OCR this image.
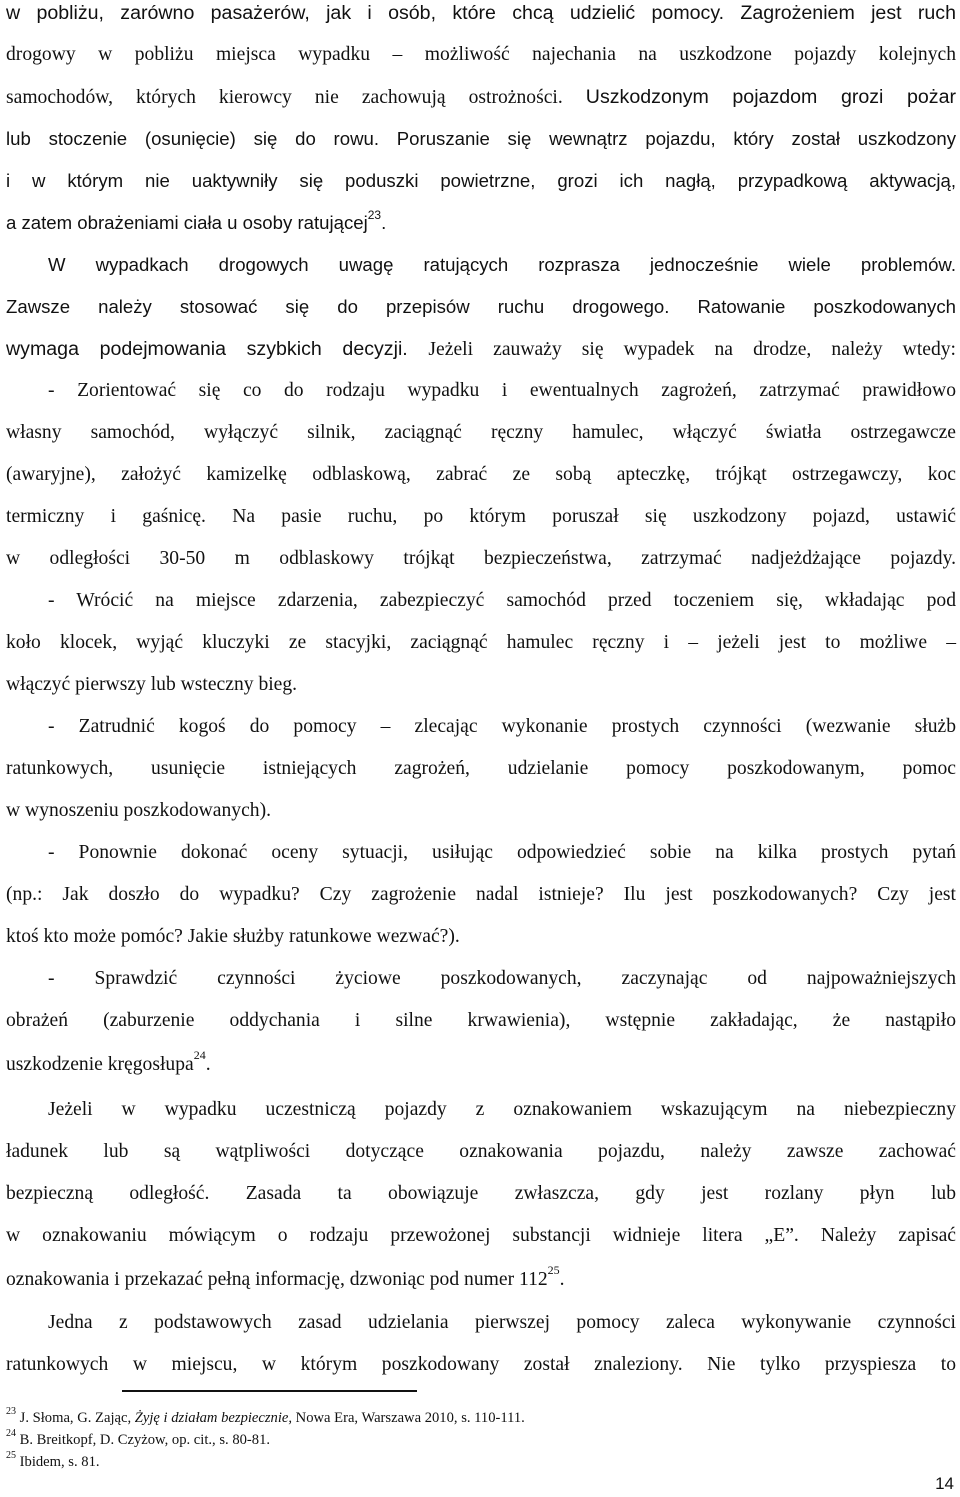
w pobliżu, zarówno pasażerów, jak i osób, które chcą udzielić pomocy. Zagrożeniem jest ruch
drogowy w pobliżu miejsca wypadku – możliwość najechania na uszkodzone pojazdy kolejnych
samochodów, których kierowcy nie zachowują ostrożności. Uszkodzonym pojazdom grozi pożar
lub stoczenie (osunięcie) się do rowu. Poruszanie się wewnątrz pojazdu, który został uszkodzony
i w którym nie uaktywniły się poduszki powietrzne, grozi ich nagłą, przypadkową aktywacją,
a zatem obrażeniami ciała u osoby ratującej$^{23}$.
W wypadkach drogowych uwagę ratujących rozprasza jednocześnie wiele problemów.
Zawsze należy stosować się do przepisów ruchu drogowego. Ratowanie poszkodowanych
wymaga podejmowania szybkich decyzji. Jeżeli zauważy się wypadek na drodze, należy wtedy:
- Zorientować się co do rodzaju wypadku i ewentualnych zagrożeń, zatrzymać prawidłowo
własny samochód, wyłączyć silnik, zaciągnąć ręczny hamulec, włączyć światła ostrzegawcze
(awaryjne), założyć kamizelkę odblaskową, zabrać ze sobą apteczkę, trójkąt ostrzegawczy, koc
termiczny i gaśnicę. Na pasie ruchu, po którym poruszał się uszkodzony pojazd, ustawić
w odległości 30-50 m odblaskowy trójkąt bezpieczeństwa, zatrzymać nadjeżdżające pojazdy.
- Wrócić na miejsce zdarzenia, zabezpieczyć samochód przed toczeniem się, wkładając pod
koło klocek, wyjąć kluczyki ze stacyjki, zaciągnąć hamulec ręczny i – jeżeli jest to możliwe –
włączyć pierwszy lub wsteczny bieg.
- Zatrudnić kogoś do pomocy – zlecając wykonanie prostych czynności (wezwanie służb
ratunkowych, usunięcie istniejących zagrożeń, udzielanie pomocy poszkodowanym, pomoc
w wynoszeniu poszkodowanych).
- Ponownie dokonać oceny sytuacji, usiłując odpowiedzieć sobie na kilka prostych pytań
(np.: Jak doszło do wypadku? Czy zagrożenie nadal istnieje? Ilu jest poszkodowanych? Czy jest
ktoś kto może pomóc? Jakie służby ratunkowe wezwać?).
- Sprawdzić czynności życiowe poszkodowanych, zaczynając od najpoważniejszych
obrażeń (zaburzenie oddychania i silne krwawienia), wstępnie zakładając, że nastąpiło
uszkodzenie kręgosłupa$^{24}$.
Jeżeli w wypadku uczestniczą pojazdy z oznakowaniem wskazującym na niebezpieczny
ładunek lub są wątpliwości dotyczące oznakowania pojazdu, należy zawsze zachować
bezpieczną odległość. Zasada ta obowiązuje zwłaszcza, gdy jest rozlany płyn lub
w oznakowaniu mówiącym o rodzaju przewożonej substancji widnieje litera „E”. Należy zapisać
oznakowania i przekazać pełną informację, dzwoniąc pod numer $112^{25}$.
Jedna z podstawowych zasad udzielania pierwszej pomocy zaleca wykonywanie czynności
ratunkowych w miejscu, w którym poszkodowany został znaleziony. Nie tylko przyspiesza to
$^{23}$ J. Słoma, G. Zając, Żyję i działam bezpiecznie, Nowa Era, Warszawa 2010, s. 110-111.
$^{24}$ B. Breitkopf, D. Czyżow, op. cit., s. 80-81.
$^{25}$ Ibidem, s. 81.
14
